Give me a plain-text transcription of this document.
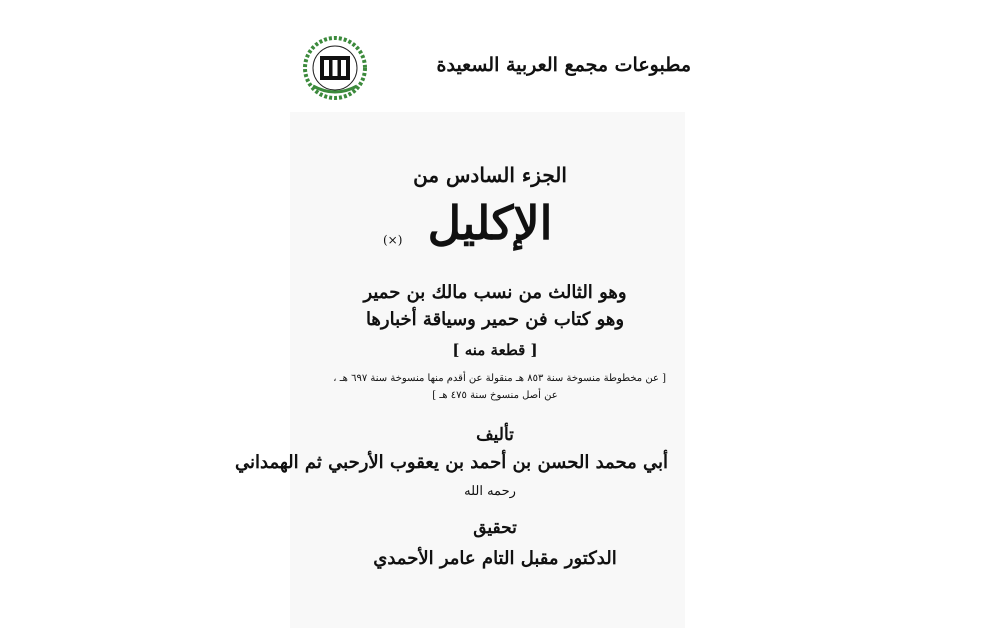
مطبوعات مجمع العربية السعيدة
الجزء السادس من
الإكليل
(×)
وهو الثالث من نسب مالك بن حمير
وهو كتاب فن حمير وسياقة أخبارها
[ قطعة منه ]
[ عن مخطوطة منسوخة سنة ٨٥٣ هـ منقولة عن أقدم منها منسوخة سنة ٦٩٧ هـ ،
عن أصل منسوخ سنة ٤٧٥ هـ ]
تأليف
أبي محمد الحسن بن أحمد بن يعقوب الأرحبي ثم الهمداني
رحمه الله
تحقيق
الدكتور مقبل التام عامر الأحمدي
